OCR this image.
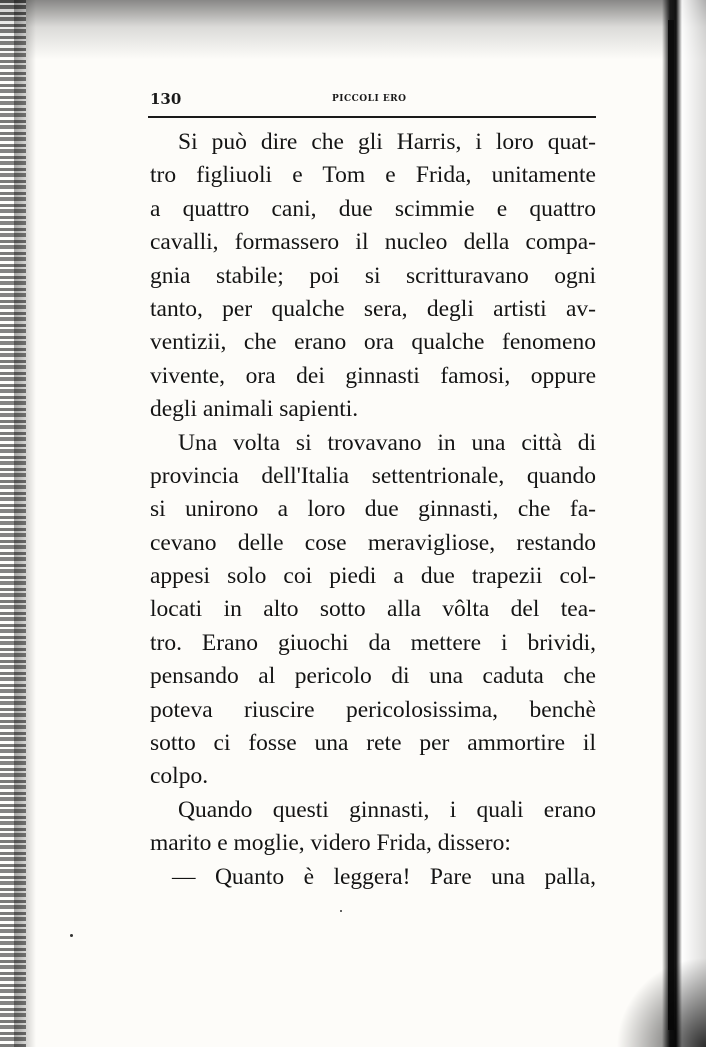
130	PICCOLI ERO
Si può dire che gli Harris, i loro quat-
tro figliuoli e Tom e Frida, unitamente
a quattro cani, due scimmie e quattro
cavalli, formassero il nucleo della compa-
gnia stabile; poi si scritturavano ogni
tanto, per qualche sera, degli artisti av-
ventizii, che erano ora qualche fenomeno
vivente, ora dei ginnasti famosi, oppure
degli animali sapienti.
Una volta si trovavano in una città di
provincia dell'Italia settentrionale, quando
si unirono a loro due ginnasti, che fa-
cevano delle cose meravigliose, restando
appesi solo coi piedi a due trapezii col-
locati in alto sotto alla vôlta del tea-
tro. Erano giuochi da mettere i brividi,
pensando al pericolo di una caduta che
poteva riuscire pericolosissima, benchè
sotto ci fosse una rete per ammortire il
colpo.
Quando questi ginnasti, i quali erano
marito e moglie, videro Frida, dissero:
— Quanto è leggera! Pare una palla,
